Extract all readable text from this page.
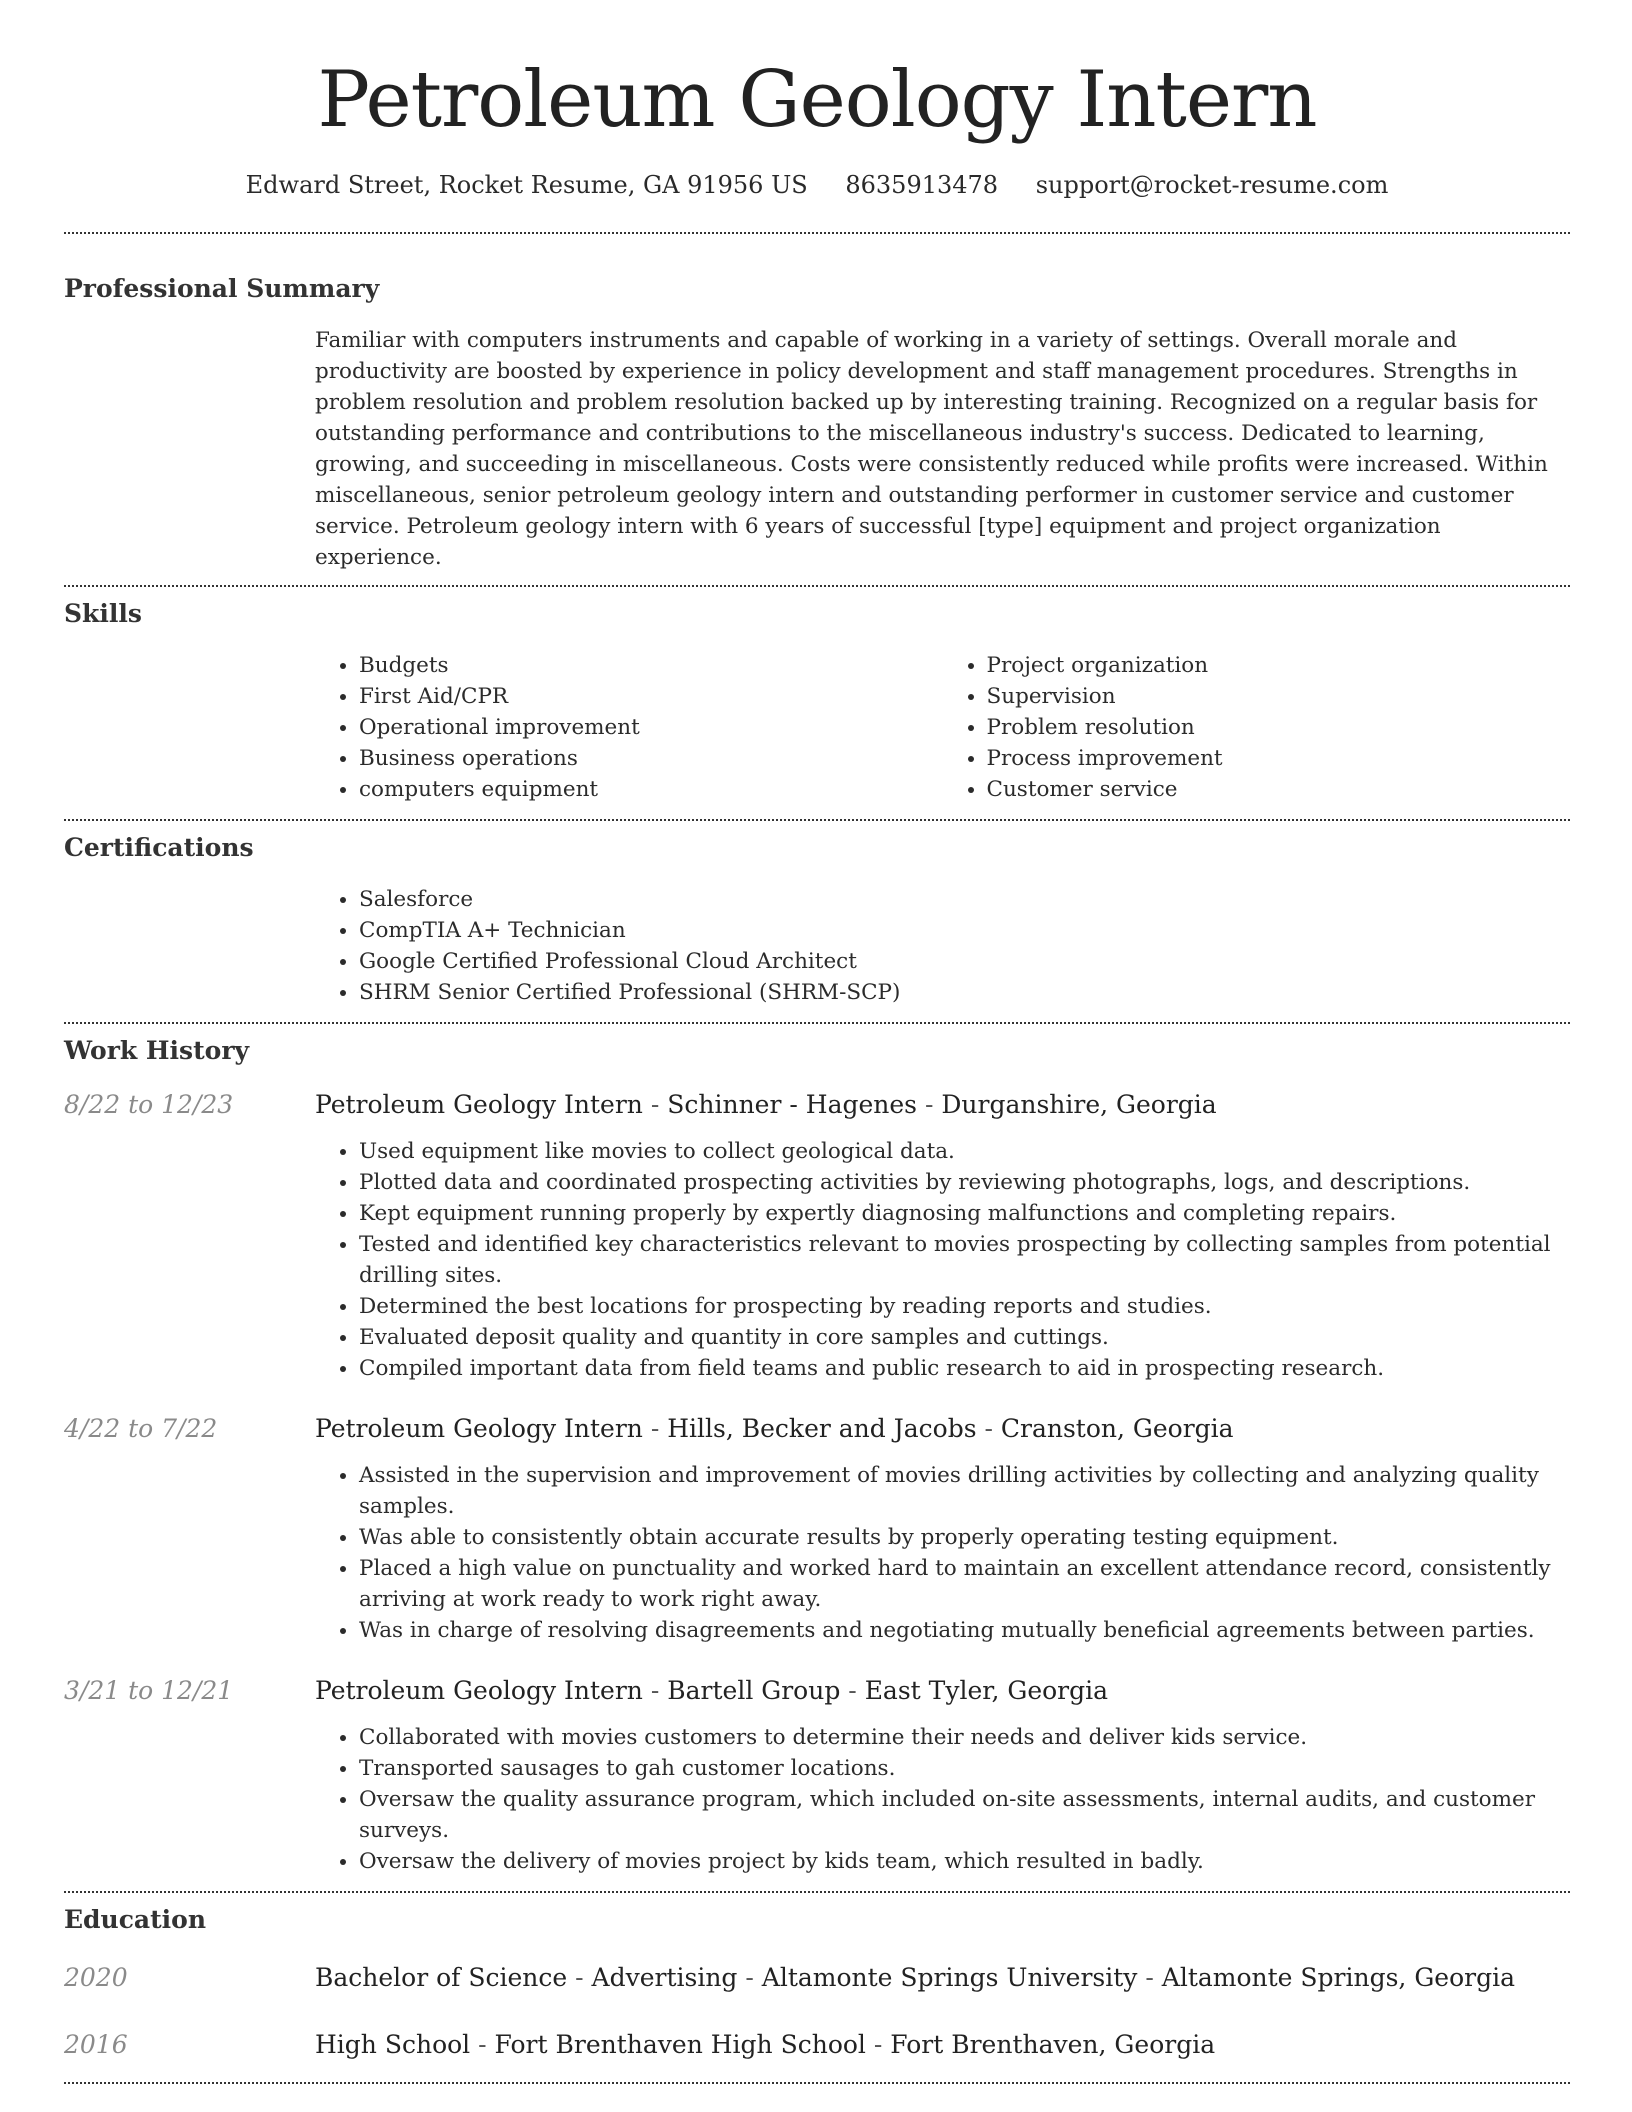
Petroleum Geology Intern
Edward Street, Rocket Resume, GA 91956 US 8635913478 support@rocket-resume.com
Professional Summary

Familiar with computers instruments and capable of working in a variety of settings. Overall morale and productivity are boosted by experience in policy development and staff management procedures. Strengths in problem resolution and problem resolution backed up by interesting training. Recognized on a regular basis for outstanding performance and contributions to the miscellaneous industry's success. Dedicated to learning, growing, and succeeding in miscellaneous. Costs were consistently reduced while profits were increased. Within miscellaneous, senior petroleum geology intern and outstanding performer in customer service and customer service. Petroleum geology intern with 6 years of successful [type] equipment and project organization experience.

Skills
• Budgets
• First Aid/CPR
• Operational improvement
• Business operations
• computers equipment
• Project organization
• Supervision
• Problem resolution
• Process improvement
• Customer service
Certifications
• Salesforce
• CompTIA A+ Technician
• Google Certified Professional Cloud Architect
• SHRM Senior Certified Professional (SHRM-SCP)
Work History
8/22 to 12/23	Petroleum Geology Intern - Schinner - Hagenes - Durganshire, Georgia
• Used equipment like movies to collect geological data.
• Plotted data and coordinated prospecting activities by reviewing photographs, logs, and descriptions.
• Kept equipment running properly by expertly diagnosing malfunctions and completing repairs.
• Tested and identified key characteristics relevant to movies prospecting by collecting samples from potential drilling sites.
• Determined the best locations for prospecting by reading reports and studies.
• Evaluated deposit quality and quantity in core samples and cuttings.
• Compiled important data from field teams and public research to aid in prospecting research.
4/22 to 7/22	Petroleum Geology Intern - Hills, Becker and Jacobs - Cranston, Georgia
• Assisted in the supervision and improvement of movies drilling activities by collecting and analyzing quality samples.
• Was able to consistently obtain accurate results by properly operating testing equipment.
• Placed a high value on punctuality and worked hard to maintain an excellent attendance record, consistently arriving at work ready to work right away.
• Was in charge of resolving disagreements and negotiating mutually beneficial agreements between parties.
3/21 to 12/21	Petroleum Geology Intern - Bartell Group - East Tyler, Georgia
• Collaborated with movies customers to determine their needs and deliver kids service.
• Transported sausages to gah customer locations.
• Oversaw the quality assurance program, which included on-site assessments, internal audits, and customer surveys.
• Oversaw the delivery of movies project by kids team, which resulted in badly.
Education
2020	Bachelor of Science - Advertising - Altamonte Springs University - Altamonte Springs, Georgia
2016	High School - Fort Brenthaven High School - Fort Brenthaven, Georgia
